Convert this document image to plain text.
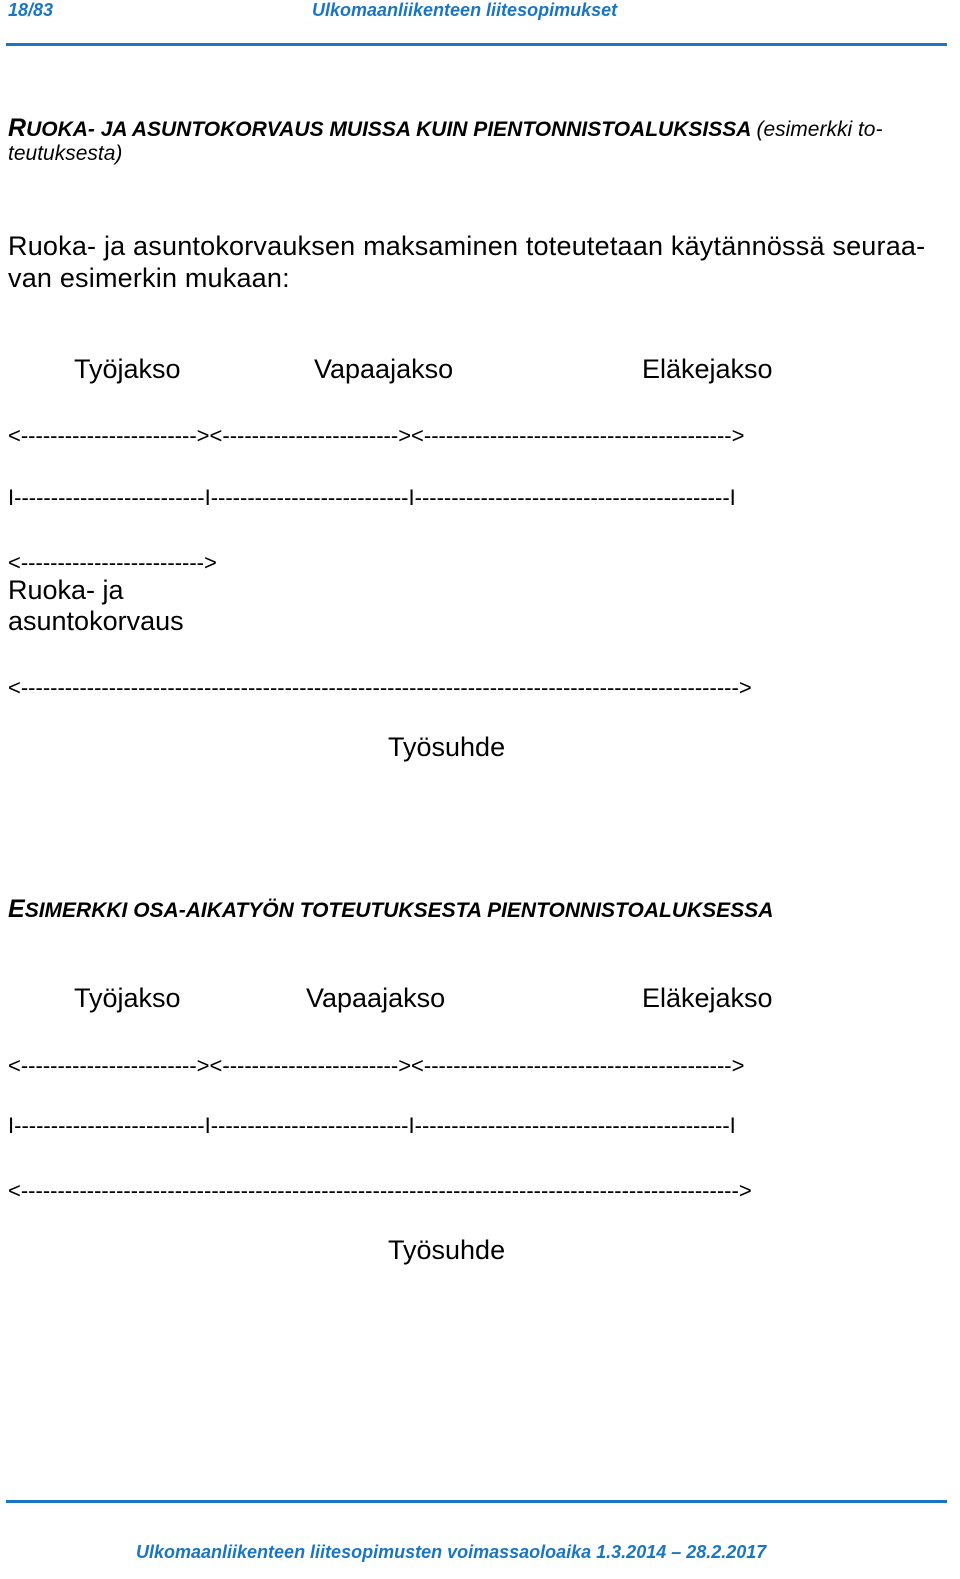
18/83	Ulkomaanliikenteen liitesopimukset
RUOKA- JA ASUNTOKORVAUS MUISSA KUIN PIENTONNISTOALUKSISSA (esimerkki to-
teutuksesta)
Ruoka- ja asuntokorvauksen maksaminen toteutetaan käytännössä seuraa-
van esimerkin mukaan:
Työjakso	Vapaajakso	Eläkejakso
<------------------------><------------------------><------------------------------------------>
I--------------------------I---------------------------I-------------------------------------------I
<------------------------->
Ruoka- ja
asuntokorvaus
<-------------------------------------------------------------------------------------------------->
Työsuhde
ESIMERKKI OSA-AIKATYÖN TOTEUTUKSESTA PIENTONNISTOALUKSESSA
Työjakso	Vapaajakso	Eläkejakso
<------------------------><------------------------><------------------------------------------>
I--------------------------I---------------------------I-------------------------------------------I
<-------------------------------------------------------------------------------------------------->
Työsuhde
Ulkomaanliikenteen liitesopimusten voimassaoloaika 1.3.2014 – 28.2.2017
